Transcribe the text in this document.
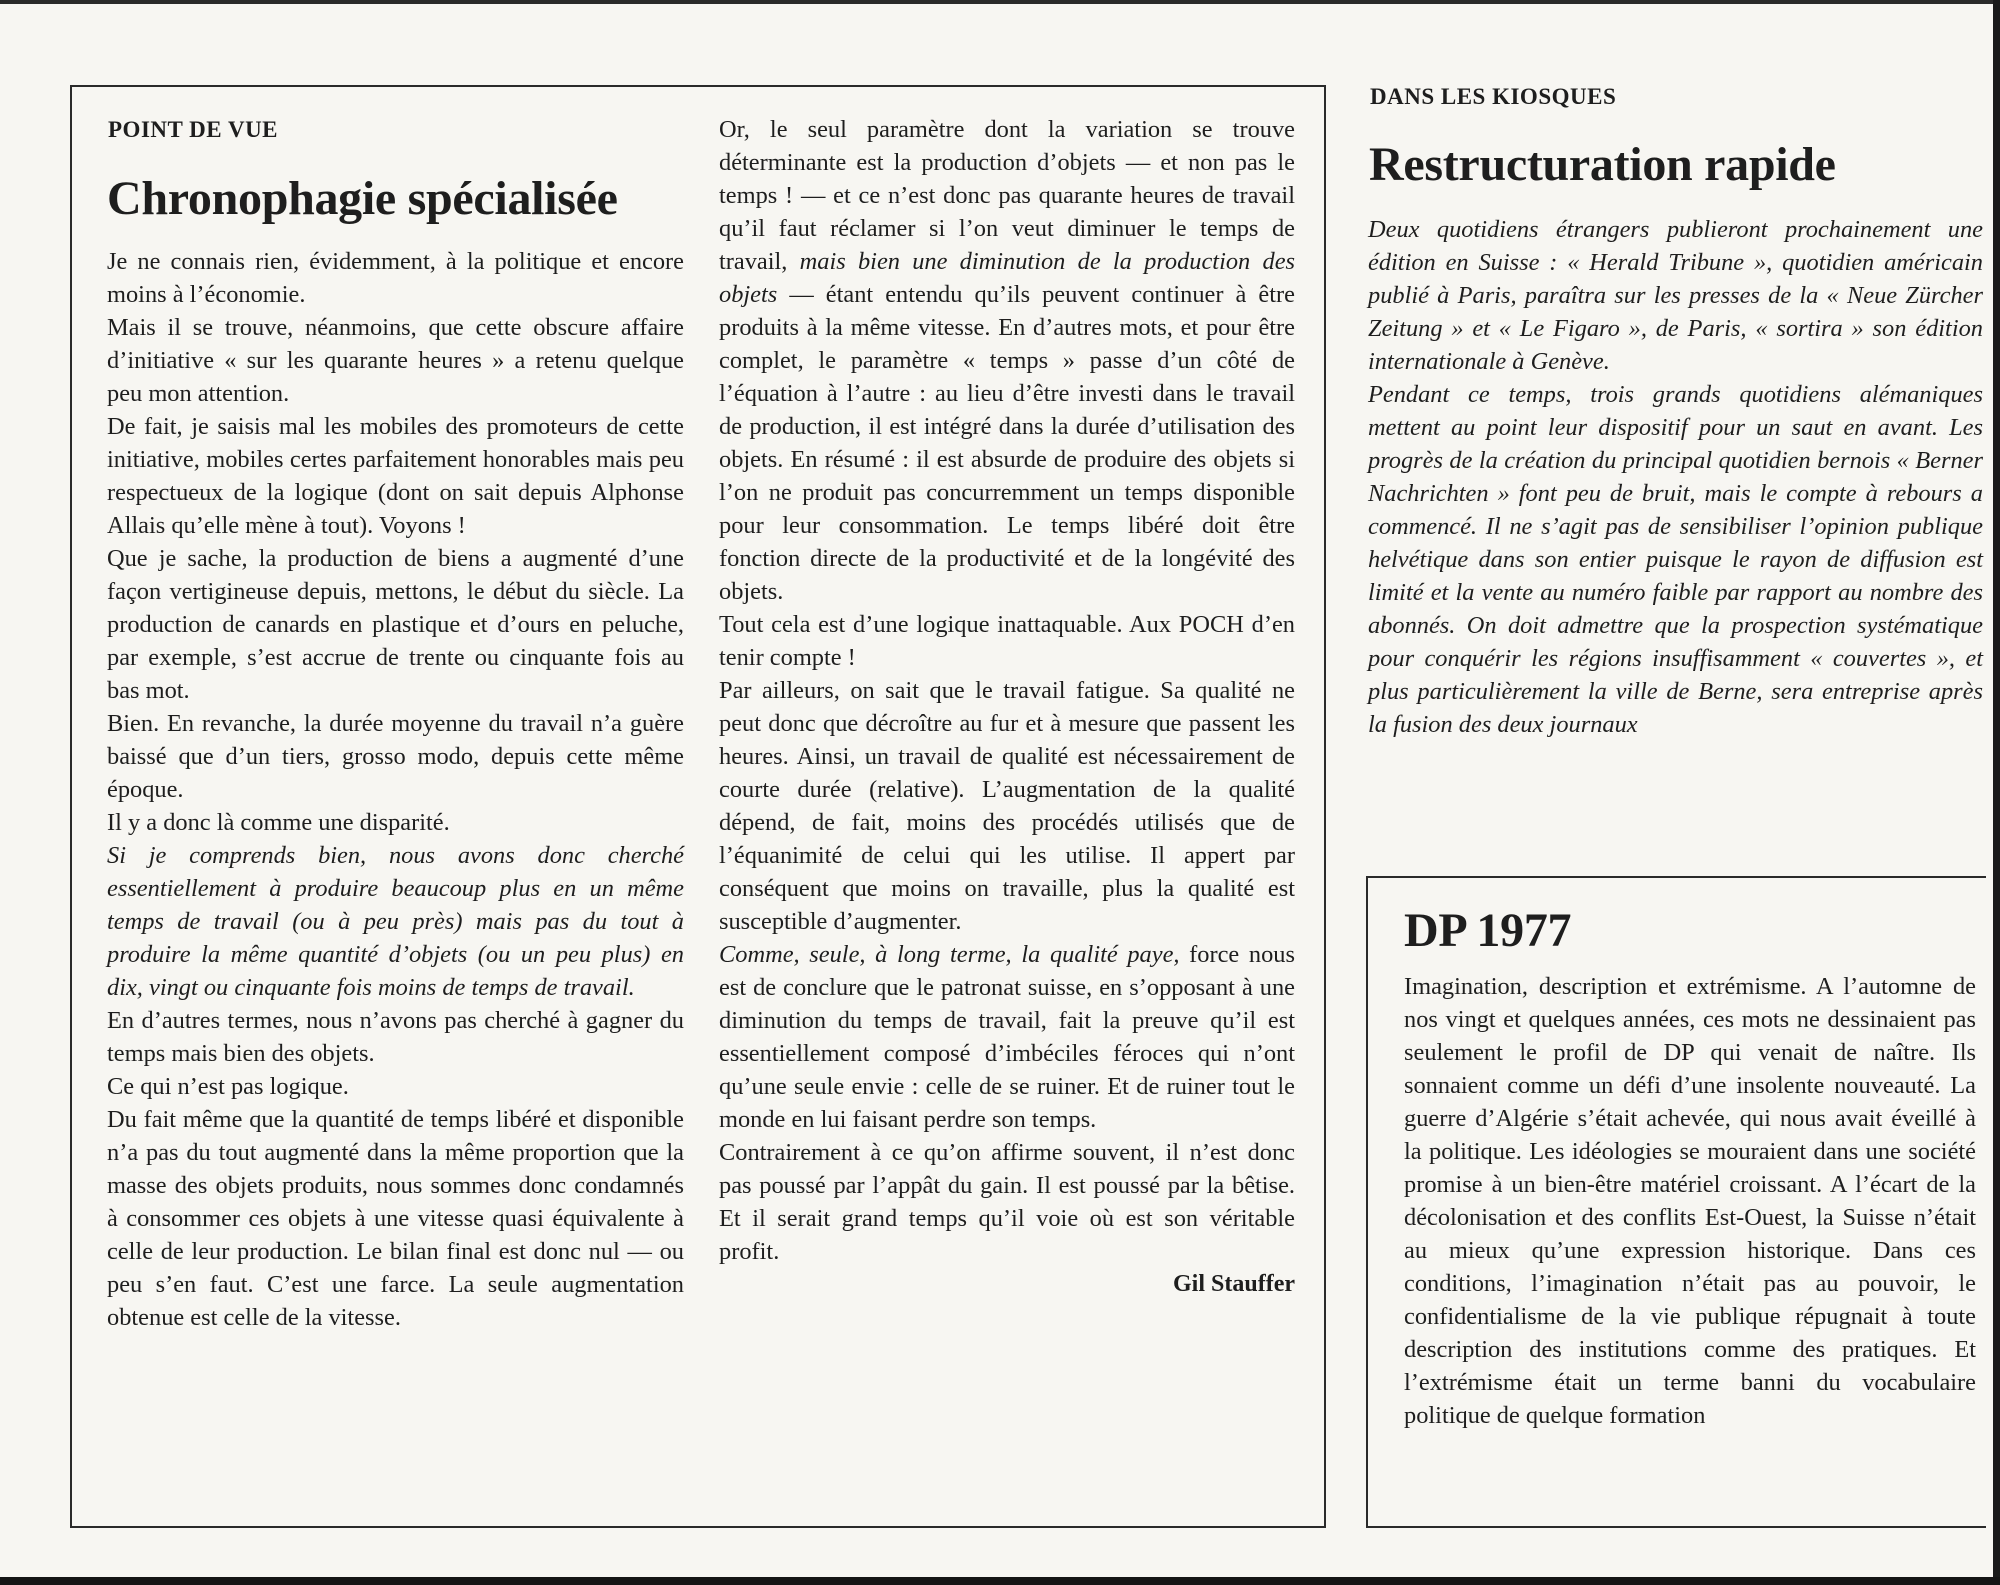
POINT DE VUE
Chronophagie spécialisée

Je ne connais rien, évidemment, à la politique et encore moins à l’économie.

Mais il se trouve, néanmoins, que cette obscure affaire d’initiative « sur les quarante heures » a retenu quelque peu mon attention.

De fait, je saisis mal les mobiles des promoteurs de cette initiative, mobiles certes parfaitement honorables mais peu respectueux de la logique (dont on sait depuis Alphonse Allais qu’elle mène à tout). Voyons !

Que je sache, la production de biens a augmenté d’une façon vertigineuse depuis, mettons, le début du siècle. La production de canards en plastique et d’ours en peluche, par exemple, s’est accrue de trente ou cinquante fois au bas mot.

Bien. En revanche, la durée moyenne du travail n’a guère baissé que d’un tiers, grosso modo, depuis cette même époque.

Il y a donc là comme une disparité.

Si je comprends bien, nous avons donc cherché essentiellement à produire beaucoup plus en un même temps de travail (ou à peu près) mais pas du tout à produire la même quantité d’objets (ou un peu plus) en dix, vingt ou cinquante fois moins de temps de travail.

En d’autres termes, nous n’avons pas cherché à gagner du temps mais bien des objets.

Ce qui n’est pas logique.

Du fait même que la quantité de temps libéré et disponible n’a pas du tout augmenté dans la même proportion que la masse des objets produits, nous sommes donc condamnés à consommer ces objets à une vitesse quasi équivalente à celle de leur production. Le bilan final est donc nul — ou peu s’en faut. C’est une farce. La seule augmentation obtenue est celle de la vitesse.

Or, le seul paramètre dont la variation se trouve déterminante est la production d’objets — et non pas le temps ! — et ce n’est donc pas quarante heures de travail qu’il faut réclamer si l’on veut diminuer le temps de travail, mais bien une diminution de la production des objets — étant entendu qu’ils peuvent continuer à être produits à la même vitesse. En d’autres mots, et pour être complet, le paramètre « temps » passe d’un côté de l’équation à l’autre : au lieu d’être investi dans le travail de production, il est intégré dans la durée d’utilisation des objets. En résumé : il est absurde de produire des objets si l’on ne produit pas concurremment un temps disponible pour leur consommation. Le temps libéré doit être fonction directe de la productivité et de la longévité des objets.

Tout cela est d’une logique inattaquable. Aux POCH d’en tenir compte !

Par ailleurs, on sait que le travail fatigue. Sa qualité ne peut donc que décroître au fur et à mesure que passent les heures. Ainsi, un travail de qualité est nécessairement de courte durée (relative). L’augmentation de la qualité dépend, de fait, moins des procédés utilisés que de l’équanimité de celui qui les utilise. Il appert par conséquent que moins on travaille, plus la qualité est susceptible d’augmenter.

Comme, seule, à long terme, la qualité paye, force nous est de conclure que le patronat suisse, en s’opposant à une diminution du temps de travail, fait la preuve qu’il est essentiellement composé d’imbéciles féroces qui n’ont qu’une seule envie : celle de se ruiner. Et de ruiner tout le monde en lui faisant perdre son temps.

Contrairement à ce qu’on affirme souvent, il n’est donc pas poussé par l’appât du gain. Il est poussé par la bêtise. Et il serait grand temps qu’il voie où est son véritable profit.

Gil Stauffer

DANS LES KIOSQUES
Restructuration rapide

Deux quotidiens étrangers publieront prochainement une édition en Suisse : « Herald Tribune », quotidien américain publié à Paris, paraîtra sur les presses de la « Neue Zürcher Zeitung » et « Le Figaro », de Paris, « sortira » son édition internationale à Genève.

Pendant ce temps, trois grands quotidiens alémaniques mettent au point leur dispositif pour un saut en avant. Les progrès de la création du principal quotidien bernois « Berner Nachrichten » font peu de bruit, mais le compte à rebours a commencé. Il ne s’agit pas de sensibiliser l’opinion publique helvétique dans son entier puisque le rayon de diffusion est limité et la vente au numéro faible par rapport au nombre des abonnés. On doit admettre que la prospection systématique pour conquérir les régions insuffisamment « couvertes », et plus particulièrement la ville de Berne, sera entreprise après la fusion des deux journaux

DP 1977

Imagination, description et extrémisme. A l’automne de nos vingt et quelques années, ces mots ne dessinaient pas seulement le profil de DP qui venait de naître. Ils sonnaient comme un défi d’une insolente nouveauté. La guerre d’Algérie s’était achevée, qui nous avait éveillé à la politique. Les idéologies se mouraient dans une société promise à un bien-être matériel croissant. A l’écart de la décolonisation et des conflits Est-Ouest, la Suisse n’était au mieux qu’une expression historique. Dans ces conditions, l’imagination n’était pas au pouvoir, le confidentialisme de la vie publique répugnait à toute description des institutions comme des pratiques. Et l’extrémisme était un terme banni du vocabulaire politique de quelque formation
